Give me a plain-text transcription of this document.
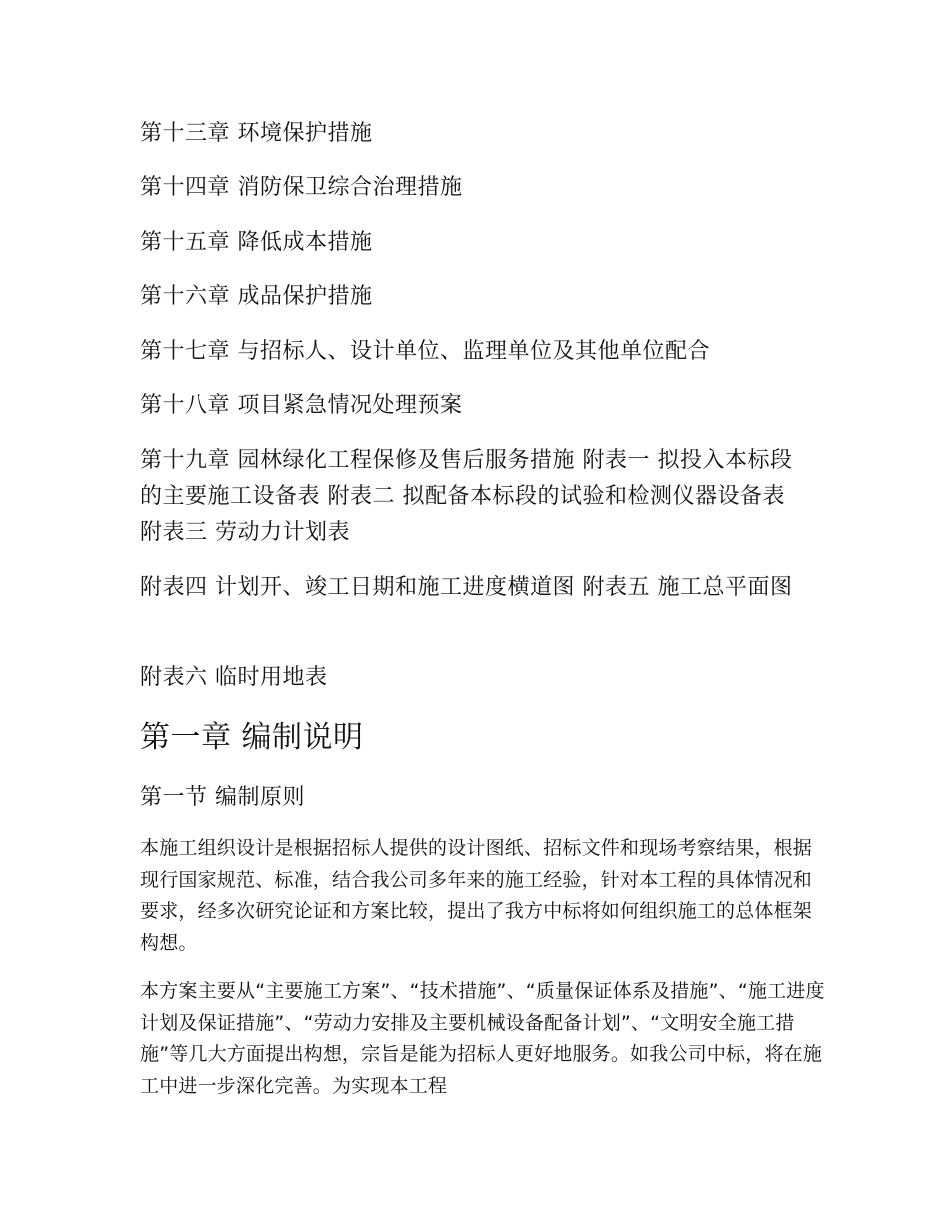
第十三章 环境保护措施

第十四章 消防保卫综合治理措施

第十五章 降低成本措施

第十六章 成品保护措施

第十七章 与招标人、设计单位、监理单位及其他单位配合

第十八章 项目紧急情况处理预案

第十九章 园林绿化工程保修及售后服务措施 附表一 拟投入本标段的主要施工设备表 附表二 拟配备本标段的试验和检测仪器设备表 附表三 劳动力计划表

附表四 计划开、竣工日期和施工进度横道图 附表五 施工总平面图

附表六 临时用地表

第一章 编制说明
第一节 编制原则

本施工组织设计是根据招标人提供的设计图纸、招标文件和现场考察结果，根据现行国家规范、标准，结合我公司多年来的施工经验，针对本工程的具体情况和要求，经多次研究论证和方案比较，提出了我方中标将如何组织施工的总体框架构想。

本方案主要从“主要施工方案”、“技术措施”、“质量保证体系及措施”、“施工进度计划及保证措施”、“劳动力安排及主要机械设备配备计划”、“文明安全施工措施”等几大方面提出构想，宗旨是能为招标人更好地服务。如我公司中标，将在施工中进一步深化完善。为实现本工程
